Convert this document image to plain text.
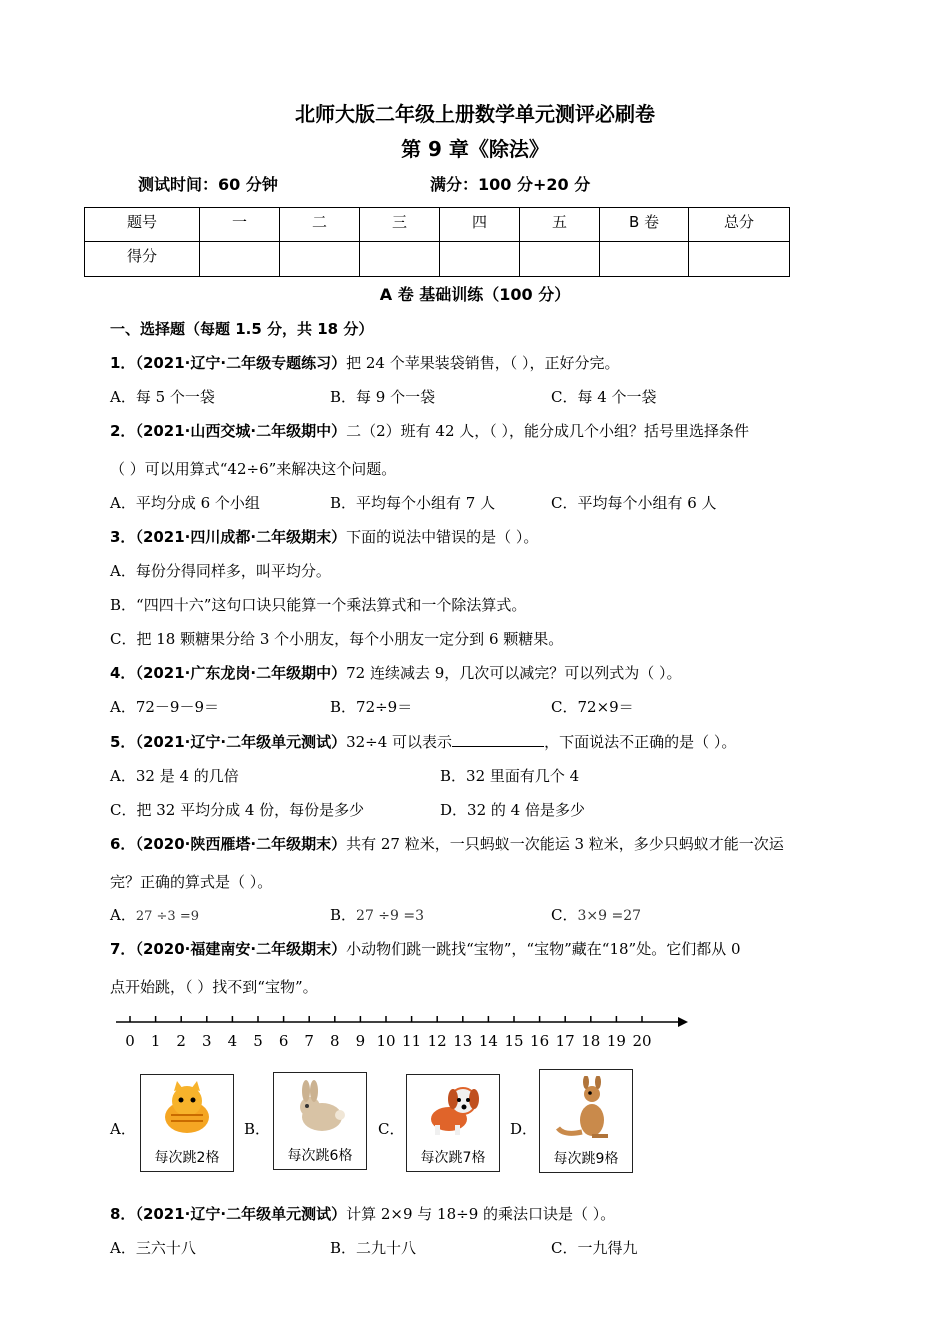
北师大版二年级上册数学单元测评必刷卷
第 9 章《除法》
测试时间：60 分钟	满分：100 分+20 分
题号	一	二	三	四	五	B 卷	总分
得分							
A 卷 基础训练（100 分）
一、选择题（每题 1.5 分，共 18 分）
1．（2021·辽宁·二年级专题练习）把 24 个苹果装袋销售，（ ），正好分完。
A．每 5 个一袋	B．每 9 个一袋	C．每 4 个一袋
2．（2021·山西交城·二年级期中）二（2）班有 42 人，（ ），能分成几个小组？括号里选择条件
（ ）可以用算式“42÷6”来解决这个问题。
A．平均分成 6 个小组	B．平均每个小组有 7 人	C．平均每个小组有 6 人
3．（2021·四川成都·二年级期末）下面的说法中错误的是（ ）。
A．每份分得同样多，叫平均分。
B．“四四十六”这句口诀只能算一个乘法算式和一个除法算式。
C．把 18 颗糖果分给 3 个小朋友，每个小朋友一定分到 6 颗糖果。
4．（2021·广东龙岗·二年级期中）72 连续减去 9，几次可以减完？可以列式为（ ）。
A．72－9－9＝	B．72÷9＝	C．72×9＝
5．（2021·辽宁·二年级单元测试）32÷4 可以表示	，下面说法不正确的是（ ）。
A．32 是 4 的几倍	B．32 里面有几个 4
C．把 32 平均分成 4 份，每份是多少	D．32 的 4 倍是多少
6．（2020·陕西雁塔·二年级期末）共有 27 粒米，一只蚂蚁一次能运 3 粒米，多少只蚂蚁才能一次运
完？正确的算式是（ ）。
A．27 ÷3 =9	B．27 ÷9 =3	C．3×9 =27
7．（2020·福建南安·二年级期末）小动物们跳一跳找“宝物”，“宝物”藏在“18”处。它们都从 0
点开始跳，（ ）找不到“宝物”。
0 1 2 3 4 5 6 7 8 9 10 11 12 13 14 15 16 17 18 19 20
A．
每次跳2格
B．
每次跳6格
C．
每次跳7格
D．
每次跳9格
8．（2021·辽宁·二年级单元测试）计算 2×9 与 18÷9 的乘法口诀是（ ）。
A．三六十八	B．二九十八	C．一九得九
